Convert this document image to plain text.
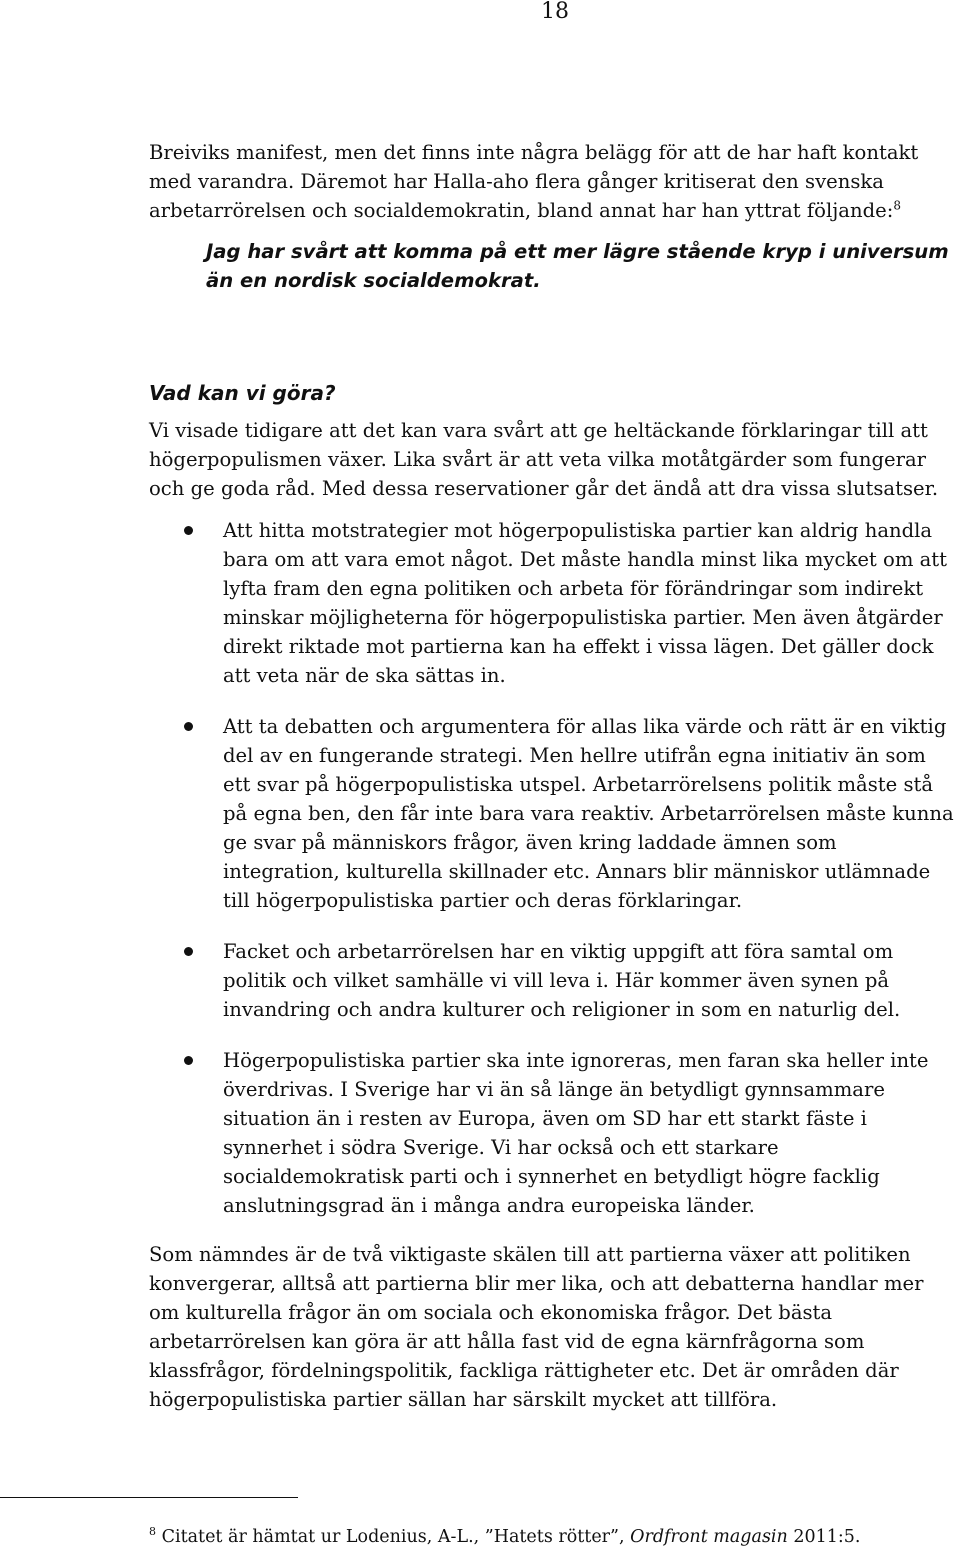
18

Breiviks manifest, men det finns inte några belägg för att de har haft kontakt med varandra. Däremot har Halla-aho flera gånger kritiserat den svenska arbetarrörelsen och socialdemokratin, bland annat har han yttrat följande:$^8$

Jag har svårt att komma på ett mer lägre stående kryp i universum än en nordisk socialdemokrat.

Vad kan vi göra?

Vi visade tidigare att det kan vara svårt att ge heltäckande förklaringar till att högerpopulismen växer. Lika svårt är att veta vilka motåtgärder som fungerar och ge goda råd. Med dessa reservationer går det ändå att dra vissa slutsatser.

Att hitta motstrategier mot högerpopulistiska partier kan aldrig handla bara om att vara emot något. Det måste handla minst lika mycket om att lyfta fram den egna politiken och arbeta för förändringar som indirekt minskar möjligheterna för högerpopulistiska partier. Men även åtgärder direkt riktade mot partierna kan ha effekt i vissa lägen. Det gäller dock att veta när de ska sättas in.
Att ta debatten och argumentera för allas lika värde och rätt är en viktig del av en fungerande strategi. Men hellre utifrån egna initiativ än som ett svar på högerpopulistiska utspel. Arbetarrörelsens politik måste stå på egna ben, den får inte bara vara reaktiv. Arbetarrörelsen måste kunna ge svar på människors frågor, även kring laddade ämnen som integration, kulturella skillnader etc. Annars blir människor utlämnade till högerpopulistiska partier och deras förklaringar.
Facket och arbetarrörelsen har en viktig uppgift att föra samtal om politik och vilket samhälle vi vill leva i. Här kommer även synen på invandring och andra kulturer och religioner in som en naturlig del.
Högerpopulistiska partier ska inte ignoreras, men faran ska heller inte överdrivas. I Sverige har vi än så länge än betydligt gynnsammare situation än i resten av Europa, även om SD har ett starkt fäste i synnerhet i södra Sverige. Vi har också och ett starkare socialdemokratisk parti och i synnerhet en betydligt högre facklig anslutningsgrad än i många andra europeiska länder.

Som nämndes är de två viktigaste skälen till att partierna växer att politiken konvergerar, alltså att partierna blir mer lika, och att debatterna handlar mer om kulturella frågor än om sociala och ekonomiska frågor. Det bästa arbetarrörelsen kan göra är att hålla fast vid de egna kärnfrågorna som klassfrågor, fördelningspolitik, fackliga rättigheter etc. Det är områden där högerpopulistiska partier sällan har särskilt mycket att tillföra.

$^8$ Citatet är hämtat ur Lodenius, A-L., ”Hatets rötter”, Ordfront magasin 2011:5.
